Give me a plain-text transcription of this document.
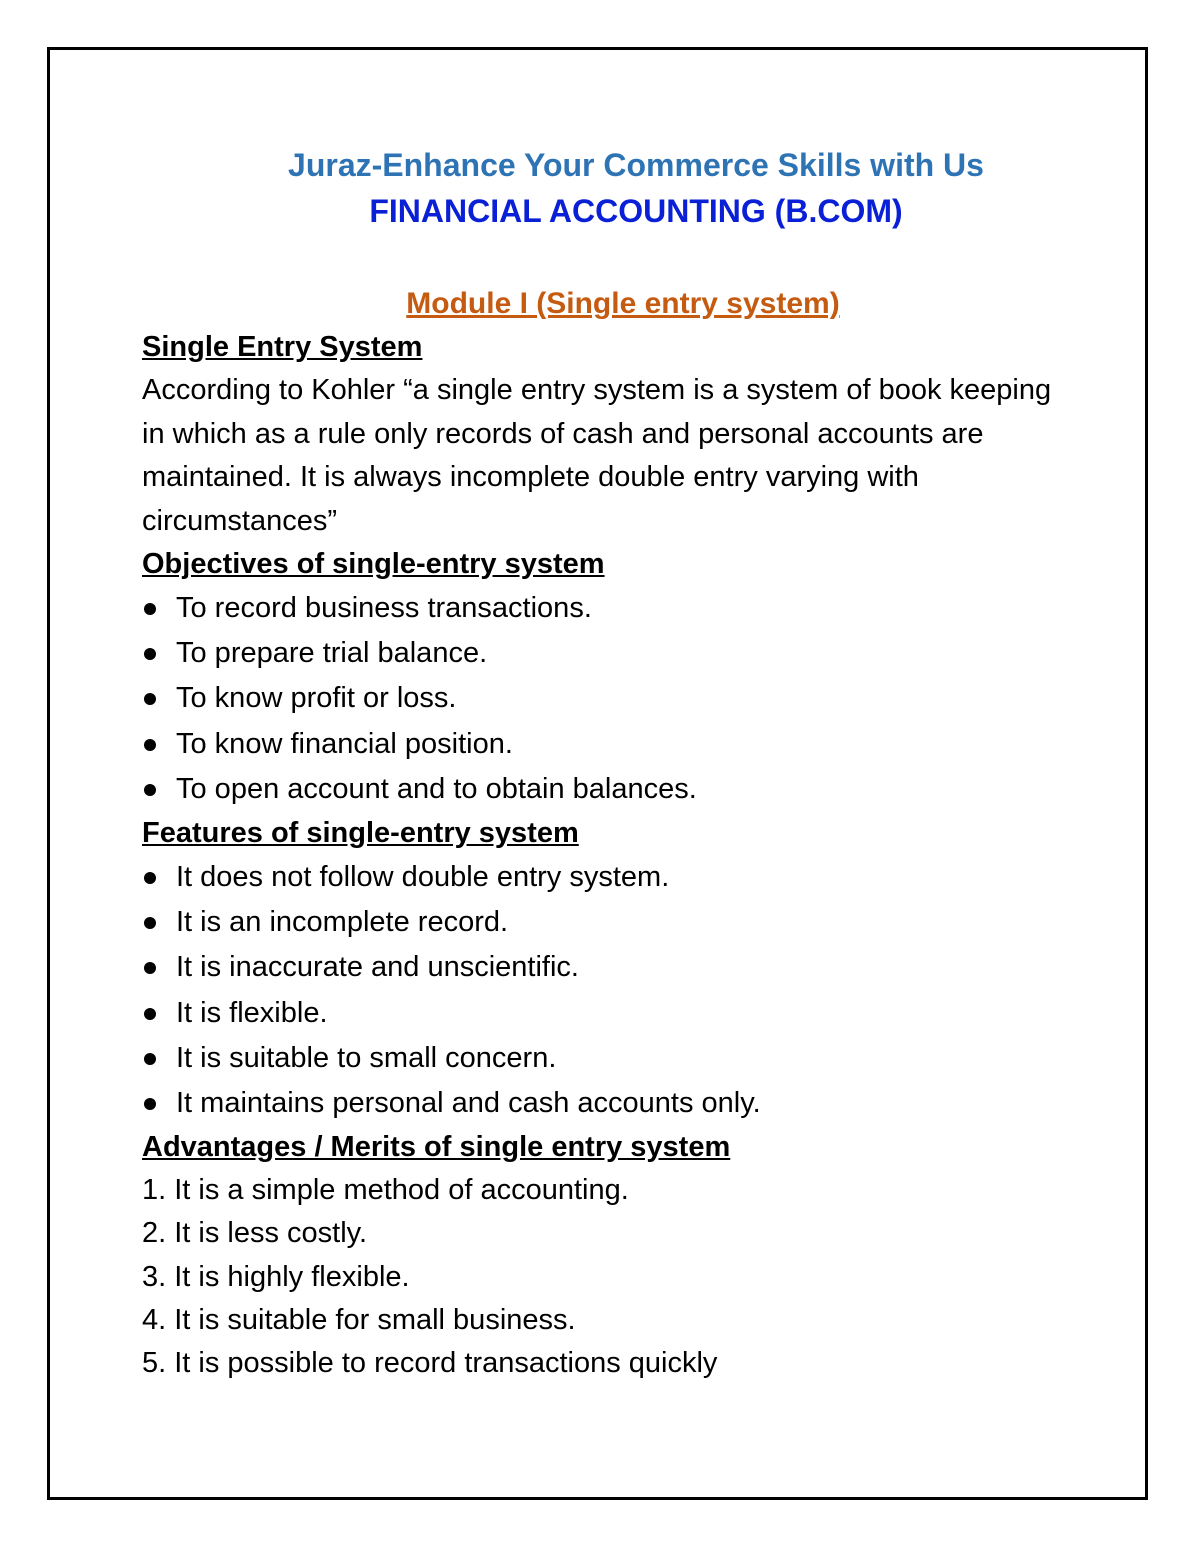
Juraz-Enhance Your Commerce Skills with Us

FINANCIAL ACCOUNTING (B.COM)

Module I (Single entry system)

Single Entry System

According to Kohler “a single entry system is a system of book keeping in which as a rule only records of cash and personal accounts are maintained. It is always incomplete double entry varying with circumstances”

Objectives of single-entry system

To record business transactions.
To prepare trial balance.
To know profit or loss.
To know financial position.
To open account and to obtain balances.

Features of single-entry system

It does not follow double entry system.
It is an incomplete record.
It is inaccurate and unscientific.
It is flexible.
It is suitable to small concern.
It maintains personal and cash accounts only.

Advantages / Merits of single entry system

1. It is a simple method of accounting.

2. It is less costly.

3. It is highly flexible.

4. It is suitable for small business.

5. It is possible to record transactions quickly
